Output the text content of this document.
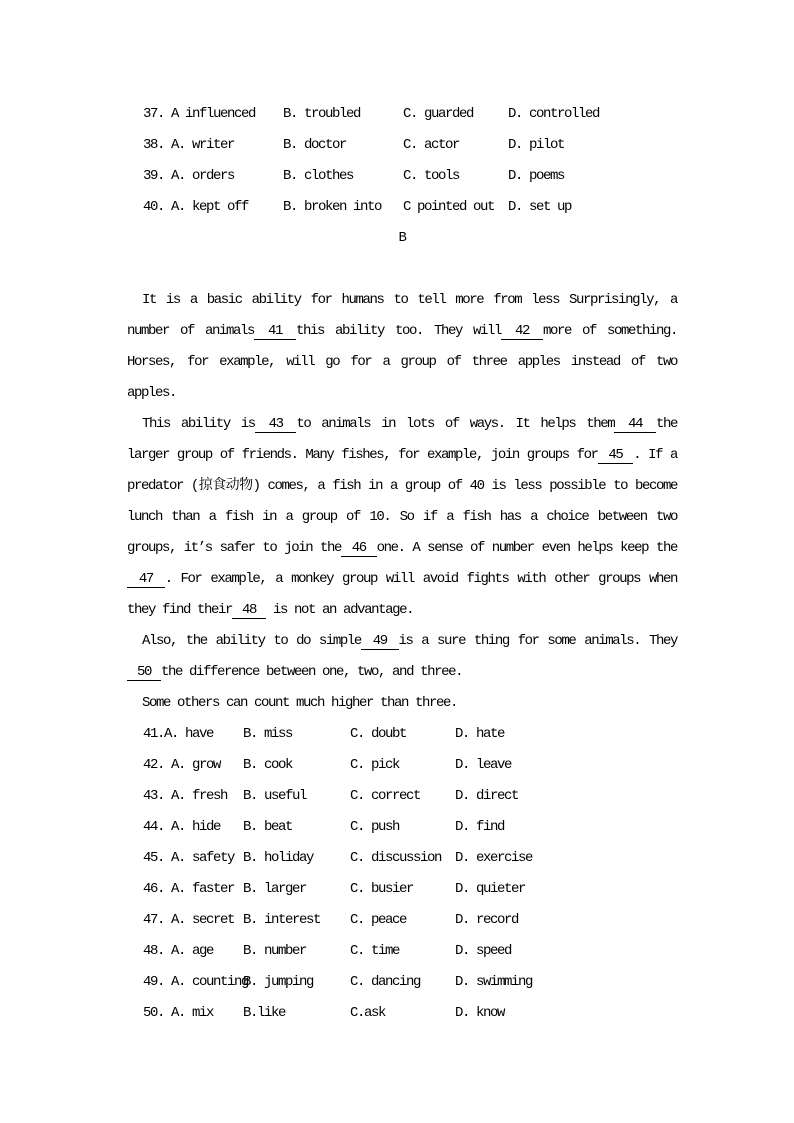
37. A influenced B. troubled	C. guarded D. controlled
38. A. writer	B. doctor	C. actor	D. pilot
39. A. orders	B. clothes	C. tools	D. poems
40. A. kept off B. broken into C pointed out D. set up
B
It is a basic ability for humans to tell more from less Surprisingly, a
number of animals 41 this ability too. They will 42 more of something.
Horses, for example, will go for a group of three apples instead of two
apples.
This ability is 43 to animals in lots of ways. It helps them 44 the
larger group of friends. Many fishes, for example, join groups for 45 . If a
predator (掠食动物) comes, a fish in a group of 40 is less possible to become
lunch than a fish in a group of 10. So if a fish has a choice between two
groups, it’s safer to join the 46 one. A sense of number even helps keep the
47 . For example, a monkey group will avoid fights with other groups when
they find their 48  is not an advantage.
Also, the ability to do simple 49 is a sure thing for some animals. They
50 the difference between one, two, and three.
Some others can count much higher than three.
41.A. have B. miss	C. doubt	D. hate
42. A. grow B. cook	C. pick	D. leave
43. A. fresh B. useful	C. correct D. direct
44. A. hide B. beat	C. push	D. find
45. A. safety B. holiday	C. discussion D. exercise
46. A. faster B. larger	C. busier	D. quieter
47. A. secret B. interest C. peace	D. record
48. A. age B. number	C. time	D. speed
49. A. countingB. jumping	C. dancing D. swimming
50. A. mix B.like	C.ask	D. know
